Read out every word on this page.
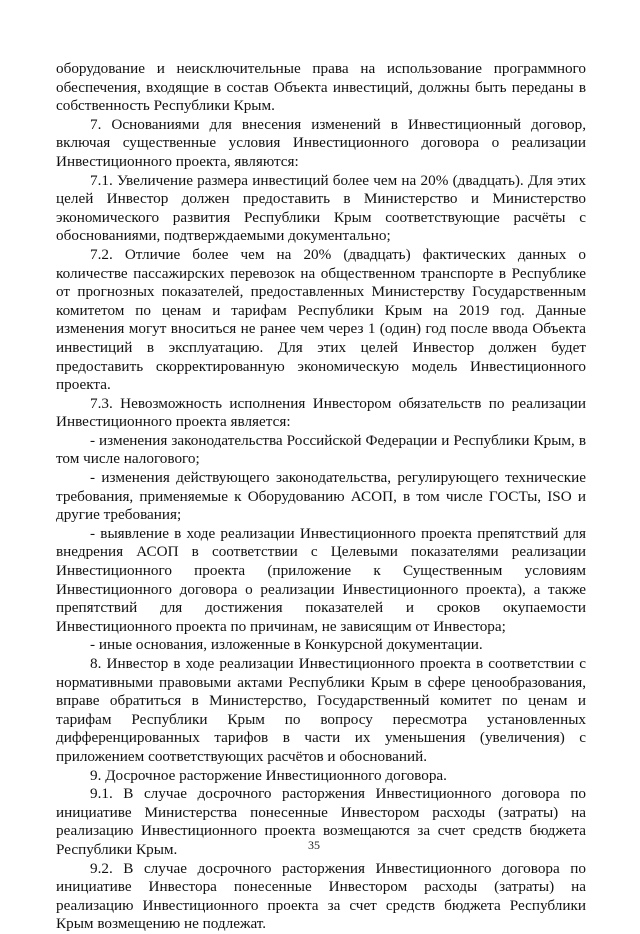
оборудование и неисключительные права на использование программного обеспечения, входящие в состав Объекта инвестиций, должны быть переданы в собственность Республики Крым.

7. Основаниями для внесения изменений в Инвестиционный договор, включая существенные условия Инвестиционного договора о реализации Инвестиционного проекта, являются:

7.1. Увеличение размера инвестиций более чем на 20% (двадцать). Для этих целей Инвестор должен предоставить в Министерство и Министерство экономического развития Республики Крым соответствующие расчёты с обоснованиями, подтверждаемыми документально;

7.2. Отличие более чем на 20% (двадцать) фактических данных о количестве пассажирских перевозок на общественном транспорте в Республике от прогнозных показателей, предоставленных Министерству Государственным комитетом по ценам и тарифам Республики Крым на 2019 год. Данные изменения могут вноситься не ранее чем через 1 (один) год после ввода Объекта инвестиций в эксплуатацию. Для этих целей Инвестор должен будет предоставить скорректированную экономическую модель Инвестиционного проекта.

7.3. Невозможность исполнения Инвестором обязательств по реализации Инвестиционного проекта является:

- изменения законодательства Российской Федерации и Республики Крым, в том числе налогового;

- изменения действующего законодательства, регулирующего технические требования, применяемые к Оборудованию АСОП, в том числе ГОСТы, ISO и другие требования;

- выявление в ходе реализации Инвестиционного проекта препятствий для внедрения АСОП в соответствии с Целевыми показателями реализации Инвестиционного проекта (приложение к Существенным условиям Инвестиционного договора о реализации Инвестиционного проекта), а также препятствий для достижения показателей и сроков окупаемости Инвестиционного проекта по причинам, не зависящим от Инвестора;

- иные основания, изложенные в Конкурсной документации.

8. Инвестор в ходе реализации Инвестиционного проекта в соответствии с нормативными правовыми актами Республики Крым в сфере ценообразования, вправе обратиться в Министерство, Государственный комитет по ценам и тарифам Республики Крым по вопросу пересмотра установленных дифференцированных тарифов в части их уменьшения (увеличения) с приложением соответствующих расчётов и обоснований.

9. Досрочное расторжение Инвестиционного договора.

9.1. В случае досрочного расторжения Инвестиционного договора по инициативе Министерства понесенные Инвестором расходы (затраты) на реализацию Инвестиционного проекта возмещаются за счет средств бюджета Республики Крым.

9.2. В случае досрочного расторжения Инвестиционного договора по инициативе Инвестора понесенные Инвестором расходы (затраты) на реализацию Инвестиционного проекта за счет средств бюджета Республики Крым возмещению не подлежат.

35
